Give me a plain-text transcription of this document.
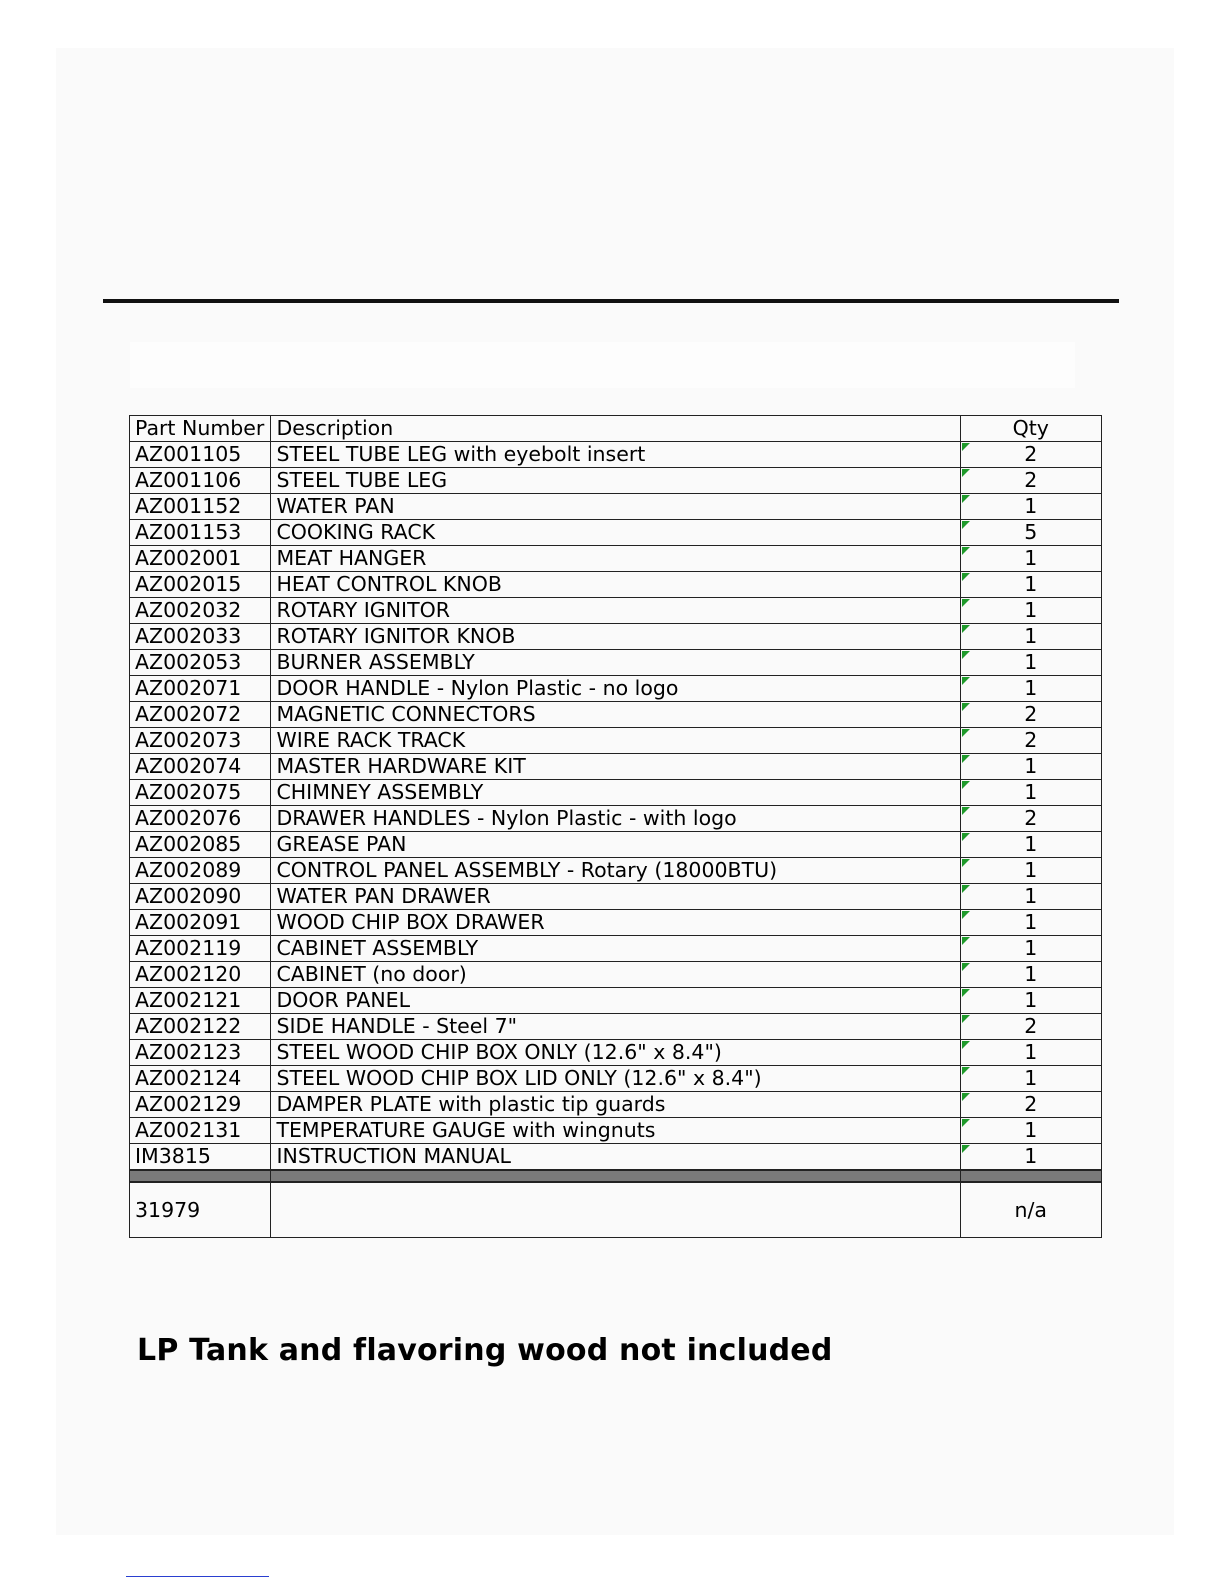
Part Number	Description	Qty
AZ001105	STEEL TUBE LEG with eyebolt insert	2
AZ001106	STEEL TUBE LEG	2
AZ001152	WATER PAN	1
AZ001153	COOKING RACK	5
AZ002001	MEAT HANGER	1
AZ002015	HEAT CONTROL KNOB	1
AZ002032	ROTARY IGNITOR	1
AZ002033	ROTARY IGNITOR KNOB	1
AZ002053	BURNER ASSEMBLY	1
AZ002071	DOOR HANDLE - Nylon Plastic - no logo	1
AZ002072	MAGNETIC CONNECTORS	2
AZ002073	WIRE RACK TRACK	2
AZ002074	MASTER HARDWARE KIT	1
AZ002075	CHIMNEY ASSEMBLY	1
AZ002076	DRAWER HANDLES - Nylon Plastic - with logo	2
AZ002085	GREASE PAN	1
AZ002089	CONTROL PANEL ASSEMBLY - Rotary (18000BTU)	1
AZ002090	WATER PAN DRAWER	1
AZ002091	WOOD CHIP BOX DRAWER	1
AZ002119	CABINET ASSEMBLY	1
AZ002120	CABINET (no door)	1
AZ002121	DOOR PANEL	1
AZ002122	SIDE HANDLE - Steel 7"	2
AZ002123	STEEL WOOD CHIP BOX ONLY (12.6" x 8.4")	1
AZ002124	STEEL WOOD CHIP BOX LID ONLY (12.6" x 8.4")	1
AZ002129	DAMPER PLATE with plastic tip guards	2
AZ002131	TEMPERATURE GAUGE with wingnuts	1
IM3815	INSTRUCTION MANUAL	1

31979		n/a
LP Tank and flavoring wood not included
